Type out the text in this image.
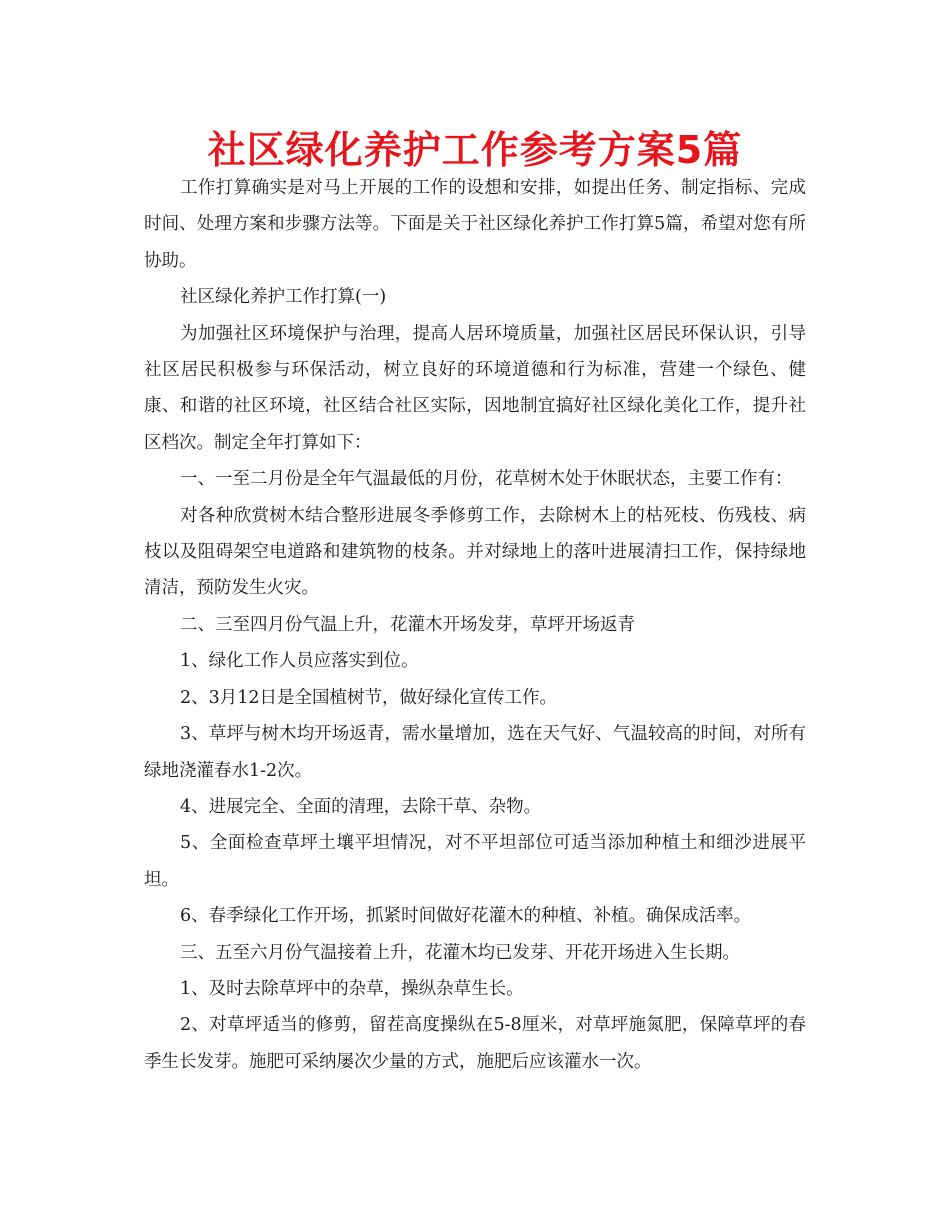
社区绿化养护工作参考方案5篇

工作打算确实是对马上开展的工作的设想和安排，如提出任务、制定指标、完成时间、处理方案和步骤方法等。下面是关于社区绿化养护工作打算5篇，希望对您有所协助。

社区绿化养护工作打算(一)

为加强社区环境保护与治理，提高人居环境质量，加强社区居民环保认识，引导社区居民积极参与环保活动，树立良好的环境道德和行为标准，营建一个绿色、健康、和谐的社区环境，社区结合社区实际，因地制宜搞好社区绿化美化工作，提升社区档次。制定全年打算如下：

一、一至二月份是全年气温最低的月份，花草树木处于休眠状态，主要工作有：

对各种欣赏树木结合整形进展冬季修剪工作，去除树木上的枯死枝、伤残枝、病枝以及阻碍架空电道路和建筑物的枝条。并对绿地上的落叶进展清扫工作，保持绿地清洁，预防发生火灾。

二、三至四月份气温上升，花灌木开场发芽，草坪开场返青

1、绿化工作人员应落实到位。

2、3月12日是全国植树节，做好绿化宣传工作。

3、草坪与树木均开场返青，需水量增加，选在天气好、气温较高的时间，对所有绿地浇灌春水1-2次。

4、进展完全、全面的清理，去除干草、杂物。

5、全面检查草坪土壤平坦情况，对不平坦部位可适当添加种植土和细沙进展平坦。

6、春季绿化工作开场，抓紧时间做好花灌木的种植、补植。确保成活率。

三、五至六月份气温接着上升，花灌木均已发芽、开花开场进入生长期。

1、及时去除草坪中的杂草，操纵杂草生长。

2、对草坪适当的修剪，留茬高度操纵在5-8厘米，对草坪施氮肥，保障草坪的春季生长发芽。施肥可采纳屡次少量的方式，施肥后应该灌水一次。
